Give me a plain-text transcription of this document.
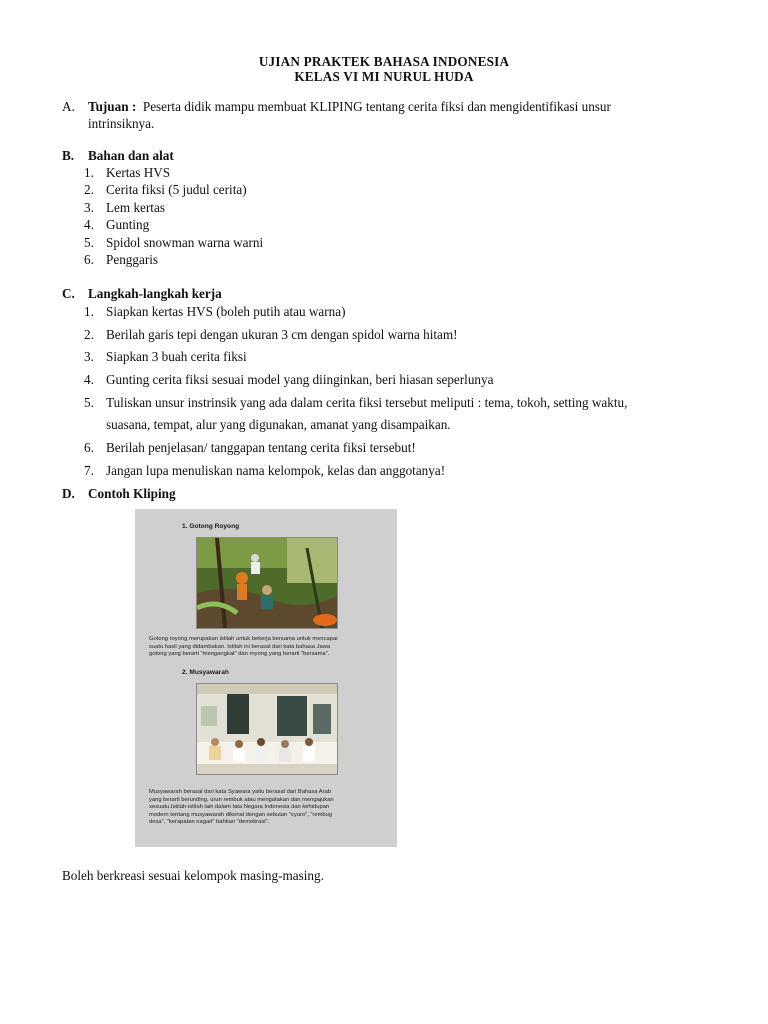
UJIAN PRAKTEK BAHASA INDONESIA
KELAS VI MI NURUL HUDA
A. Tujuan : Peserta didik mampu membuat KLIPING tentang cerita fiksi dan mengidentifikasi unsur
intrinsiknya.
B. Bahan dan alat
1. Kertas HVS
2. Cerita fiksi (5 judul cerita)
3. Lem kertas
4. Gunting
5. Spidol snowman warna warni
6. Penggaris
C. Langkah-langkah kerja
1. Siapkan kertas HVS (boleh putih atau warna)
2. Berilah garis tepi dengan ukuran 3 cm dengan spidol warna hitam!
3. Siapkan 3 buah cerita fiksi
4. Gunting cerita fiksi sesuai model yang diinginkan, beri hiasan seperlunya
5. Tuliskan unsur instrinsik yang ada dalam cerita fiksi tersebut meliputi : tema, tokoh, setting waktu,
suasana, tempat, alur yang digunakan, amanat yang disampaikan.
6. Berilah penjelasan/ tanggapan tentang cerita fiksi tersebut!
7. Jangan lupa menuliskan nama kelompok, kelas dan anggotanya!
D. Contoh Kliping
1. Gotong Royong
Gotong royong merupakan istilah untuk bekerja bersama untuk mencapai
suatu hasil yang didambakan. Istilah ini berasal dari kata bahasa Jawa
gotong yang berarti "mengangkat" dan royong yang berarti "bersama".
2. Musyawarah
Musyawarah berasal dari kata Syawara yaitu berasal dari Bahasa Arab
yang berarti berunding, urun rembuk atau mengatakan dan mengajukan
sesuatu.Istilah-istilah lain dalam tata Negara Indonesia dan kehidupan
modern tentang musyawarah dikenal dengan sebutan "syuro", "rembug
desa", "kerapatan nagari" bahkan "demokrasi".
Boleh berkreasi sesuai kelompok masing-masing.
